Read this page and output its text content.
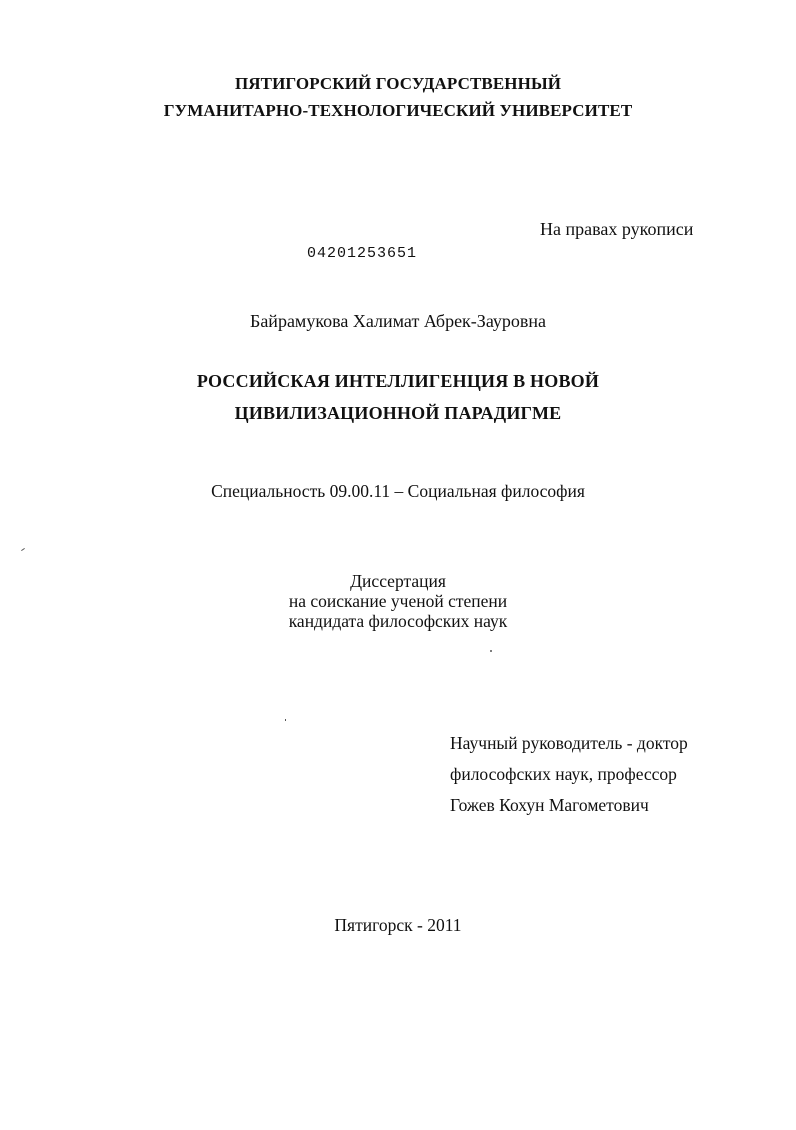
ПЯТИГОРСКИЙ ГОСУДАРСТВЕННЫЙ
ГУМАНИТАРНО-ТЕХНОЛОГИЧЕСКИЙ УНИВЕРСИТЕТ
На правах рукописи
04201253651
Байрамукова Халимат Абрек-Зауровна
РОССИЙСКАЯ ИНТЕЛЛИГЕНЦИЯ В НОВОЙ
ЦИВИЛИЗАЦИОННОЙ ПАРАДИГМЕ
Специальность 09.00.11 – Социальная философия
Диссертация
на соискание ученой степени
кандидата философских наук
Научный руководитель - доктор
философских наук, профессор
Гожев Кохун Магометович
Пятигорск - 2011
